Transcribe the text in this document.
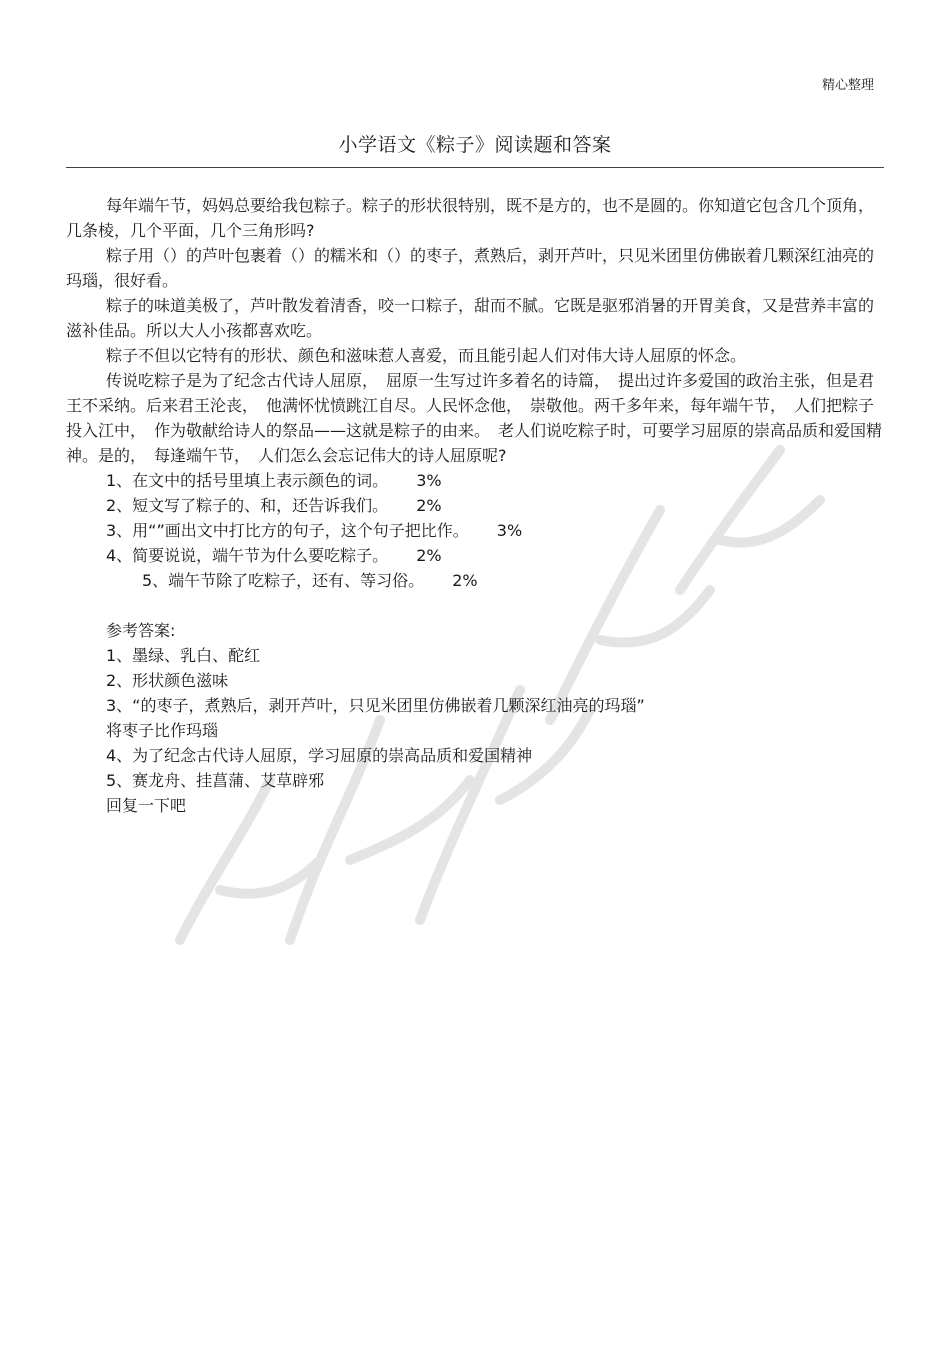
精心整理
小学语文《粽子》阅读题和答案

每年端午节，妈妈总要给我包粽子。粽子的形状很特别，既不是方的，也不是圆的。你知道它包含几个顶角，几条棱，几个平面，几个三角形吗?

粽子用（）的芦叶包裹着（）的糯米和（）的枣子，煮熟后，剥开芦叶，只见米团里仿佛嵌着几颗深红油亮的玛瑙，很好看。

粽子的味道美极了，芦叶散发着清香，咬一口粽子，甜而不腻。它既是驱邪消暑的开胃美食，又是营养丰富的滋补佳品。所以大人小孩都喜欢吃。

粽子不但以它特有的形状、颜色和滋味惹人喜爱，而且能引起人们对伟大诗人屈原的怀念。

传说吃粽子是为了纪念古代诗人屈原，　屈原一生写过许多着名的诗篇，　提出过许多爱国的政治主张，但是君王不采纳。后来君王沦丧，　他满怀忧愤跳江自尽。人民怀念他，　崇敬他。两千多年来，每年端午节，　人们把粽子投入江中，　作为敬献给诗人的祭品——这就是粽子的由来。　老人们说吃粽子时，可要学习屈原的崇高品质和爱国精神。是的，　每逢端午节，　人们怎么会忘记伟大的诗人屈原呢?

1、在文中的括号里填上表示颜色的词。 3%
2、短文写了粽子的、和，还告诉我们。 2%
3、用“”画出文中打比方的句子，这个句子把比作。 3%
4、简要说说，端午节为什么要吃粽子。 2%
5、端午节除了吃粽子，还有、等习俗。 2%

参考答案:

1、墨绿、乳白、酡红

2、形状颜色滋味

3、“的枣子，煮熟后，剥开芦叶，只见米团里仿佛嵌着几颗深红油亮的玛瑙”

将枣子比作玛瑙

4、为了纪念古代诗人屈原，学习屈原的崇高品质和爱国精神

5、赛龙舟、挂菖蒲、艾草辟邪

回复一下吧
